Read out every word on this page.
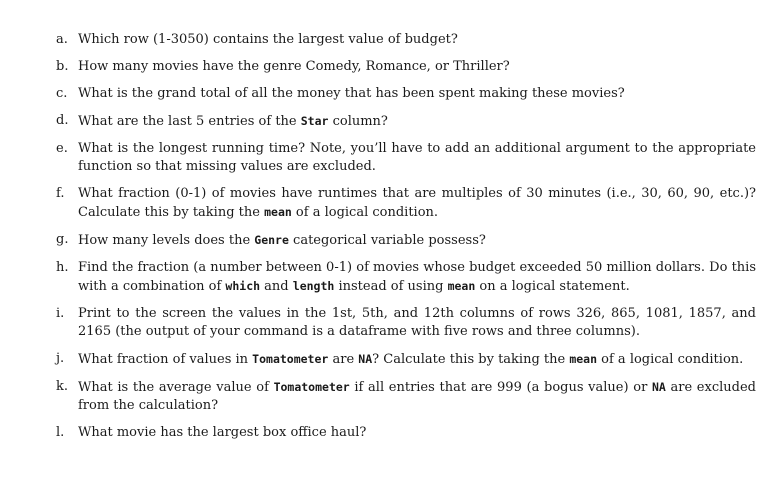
a. Which row (1-3050) contains the largest value of budget?
b. How many movies have the genre Comedy, Romance, or Thriller?
c. What is the grand total of all the money that has been spent making these movies?
d. What are the last 5 entries of the Star column?
e. What is the longest running time? Note, you’ll have to add an additional argument to the appropriate function so that missing values are excluded.
f.	What fraction (0-1) of movies have runtimes that are multiples of 30 minutes (i.e., 30, 60, 90, etc.)? Calculate this by taking the mean of a logical condition.
g. How many levels does the Genre categorical variable possess?
h. Find the fraction (a number between 0-1) of movies whose budget exceeded 50 million dollars. Do this with a combination of which and length instead of using mean on a logical statement.
i.	Print to the screen the values in the 1st, 5th, and 12th columns of rows 326, 865, 1081, 1857, and 2165 (the output of your command is a dataframe with five rows and three columns).
j.	What fraction of values in Tomatometer are NA? Calculate this by taking the mean of a logical condition.
k. What is the average value of Tomatometer if all entries that are 999 (a bogus value) or NA are excluded from the calculation?
l.	What movie has the largest box office haul?
